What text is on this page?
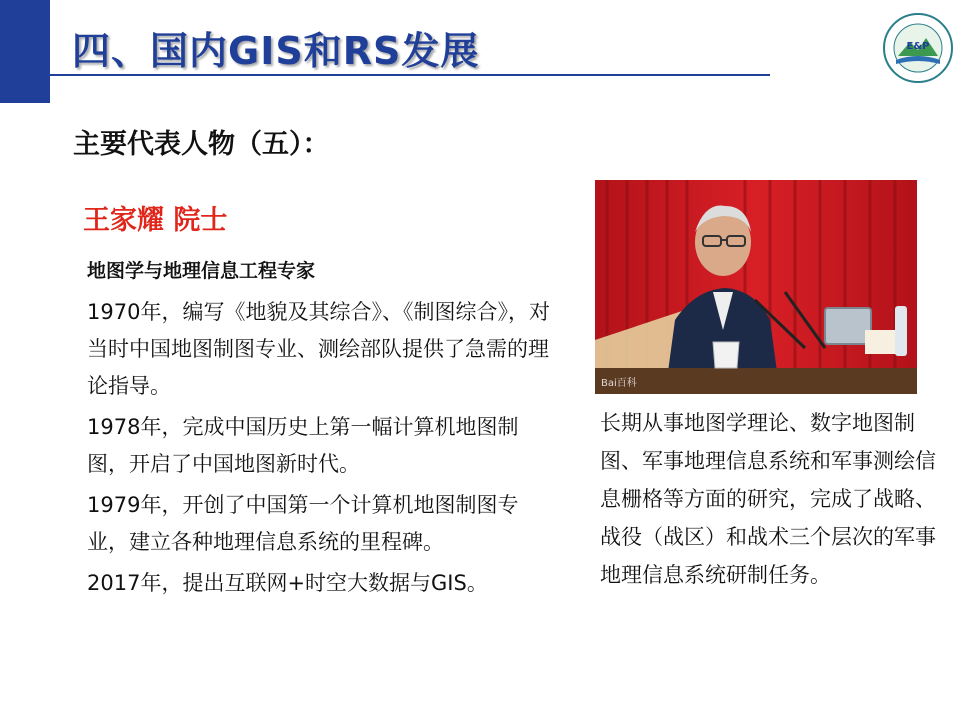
四、国内GIS和RS发展	E&P
主要代表人物（五）：
王家耀 院士
地图学与地理信息工程专家

1970年，编写《地貌及其综合》、《制图综合》，对当时中国地图制图专业、测绘部队提供了急需的理论指导。

1978年，完成中国历史上第一幅计算机地图制图，开启了中国地图新时代。

1979年，开创了中国第一个计算机地图制图专业，建立各种地理信息系统的里程碑。

2017年，提出互联网+时空大数据与GIS。

Bai百科

长期从事地图学理论、数字地图制图、军事地理信息系统和军事测绘信息栅格等方面的研究，完成了战略、战役（战区）和战术三个层次的军事地理信息系统研制任务。
